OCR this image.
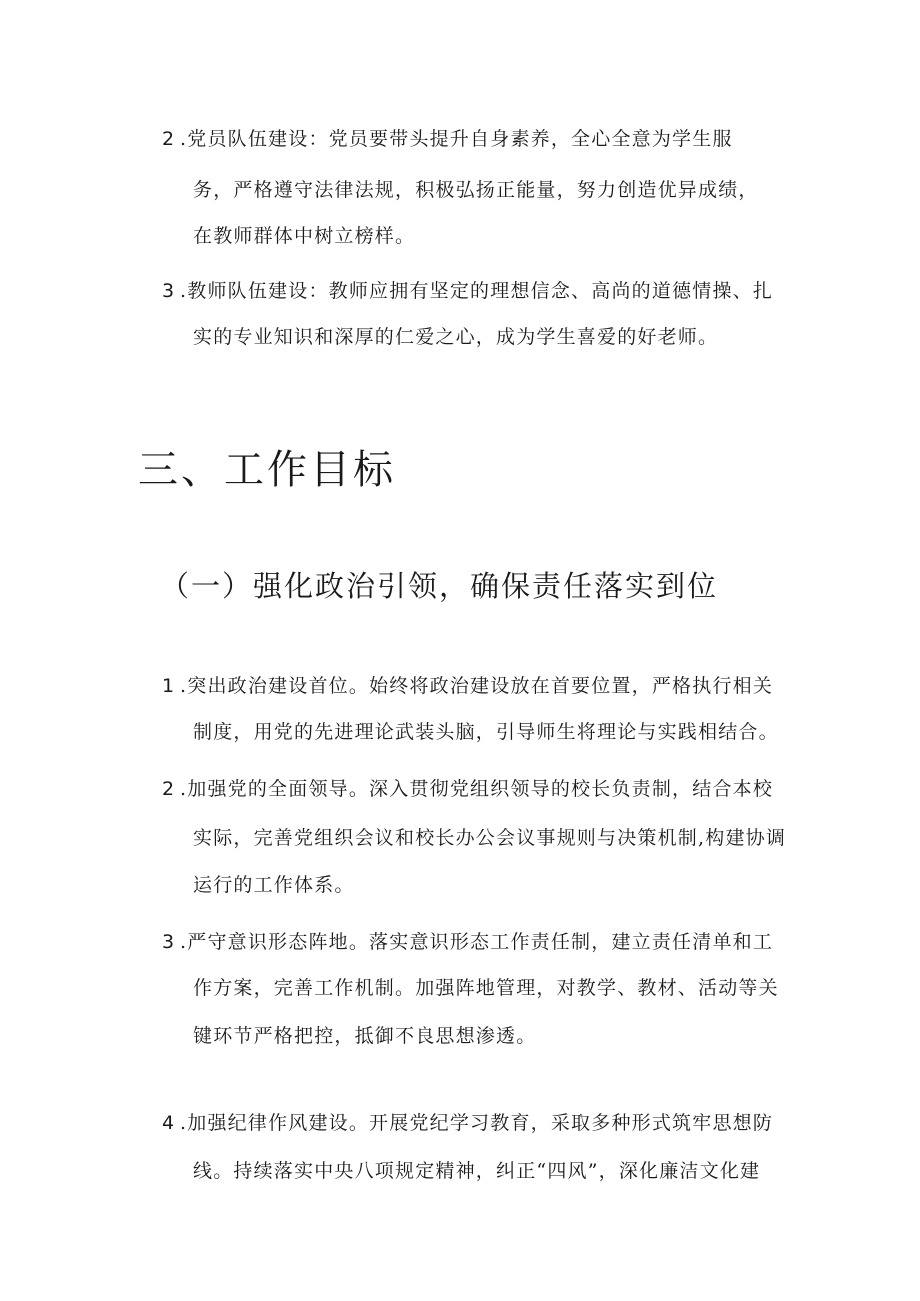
2 .党员队伍建设：党员要带头提升自身素养，全心全意为学生服
务，严格遵守法律法规，积极弘扬正能量，努力创造优异成绩，
在教师群体中树立榜样。
3 .教师队伍建设：教师应拥有坚定的理想信念、高尚的道德情操、扎
实的专业知识和深厚的仁爱之心，成为学生喜爱的好老师。
三、工作目标
（一）强化政治引领，确保责任落实到位
1 .突出政治建设首位。始终将政治建设放在首要位置，严格执行相关
制度，用党的先进理论武装头脑，引导师生将理论与实践相结合。
2 .加强党的全面领导。深入贯彻党组织领导的校长负责制，结合本校
实际，完善党组织会议和校长办公会议事规则与决策机制,构建协调
运行的工作体系。
3 .严守意识形态阵地。落实意识形态工作责任制，建立责任清单和工
作方案，完善工作机制。加强阵地管理，对教学、教材、活动等关
键环节严格把控，抵御不良思想渗透。
4 .加强纪律作风建设。开展党纪学习教育，采取多种形式筑牢思想防
线。持续落实中央八项规定精神，纠正“四风”，深化廉洁文化建
